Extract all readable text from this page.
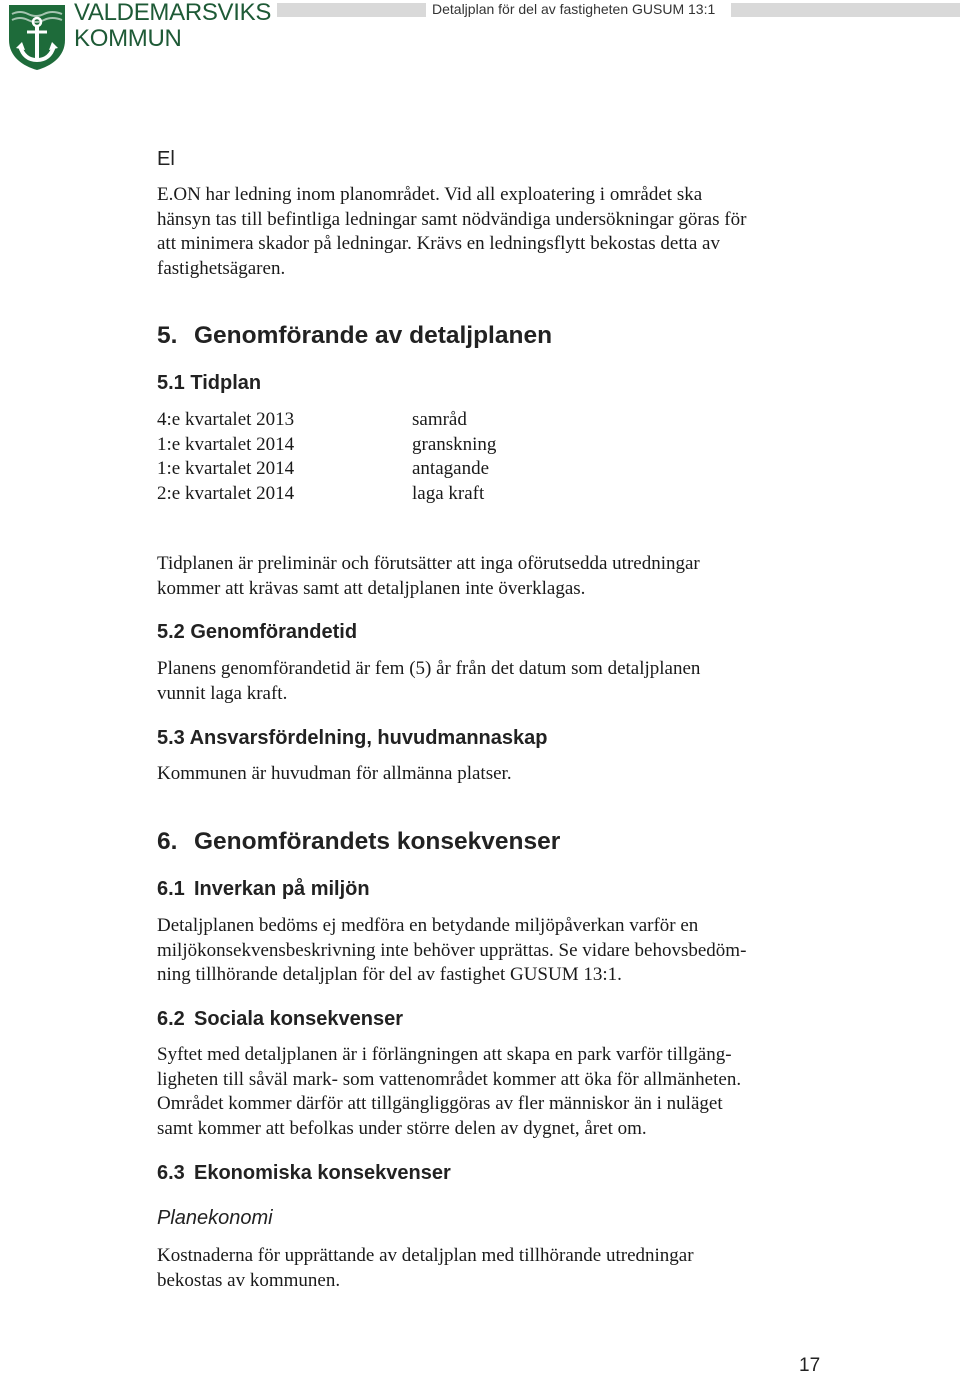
VALDEMARSVIKS
KOMMUN
Detaljplan för del av fastigheten GUSUM 13:1
El
E.ON har ledning inom planområdet. Vid all exploatering i området ska
hänsyn tas till befintliga ledningar samt nödvändiga undersökningar göras för
att minimera skador på ledningar. Krävs en ledningsflytt bekostas detta av
fastighetsägaren.
5. Genomförande av detaljplanen
5.1 Tidplan
4:e kvartalet 2013	samråd
1:e kvartalet 2014	granskning
1:e kvartalet 2014	antagande
2:e kvartalet 2014	laga kraft
Tidplanen är preliminär och förutsätter att inga oförutsedda utredningar
kommer att krävas samt att detaljplanen inte överklagas.
5.2 Genomförandetid
Planens genomförandetid är fem (5) år från det datum som detaljplanen
vunnit laga kraft.
5.3 Ansvarsfördelning, huvudmannaskap
Kommunen är huvudman för allmänna platser.
6. Genomförandets konsekvenser
6.1 Inverkan på miljön
Detaljplanen bedöms ej medföra en betydande miljöpåverkan varför en
miljökonsekvensbeskrivning inte behöver upprättas. Se vidare behovsbedöm-
ning tillhörande detaljplan för del av fastighet GUSUM 13:1.
6.2 Sociala konsekvenser
Syftet med detaljplanen är i förlängningen att skapa en park varför tillgäng-
ligheten till såväl mark- som vattenområdet kommer att öka för allmänheten.
Området kommer därför att tillgängliggöras av fler människor än i nuläget
samt kommer att befolkas under större delen av dygnet, året om.
6.3 Ekonomiska konsekvenser
Planekonomi
Kostnaderna för upprättande av detaljplan med tillhörande utredningar
bekostas av kommunen.
17
